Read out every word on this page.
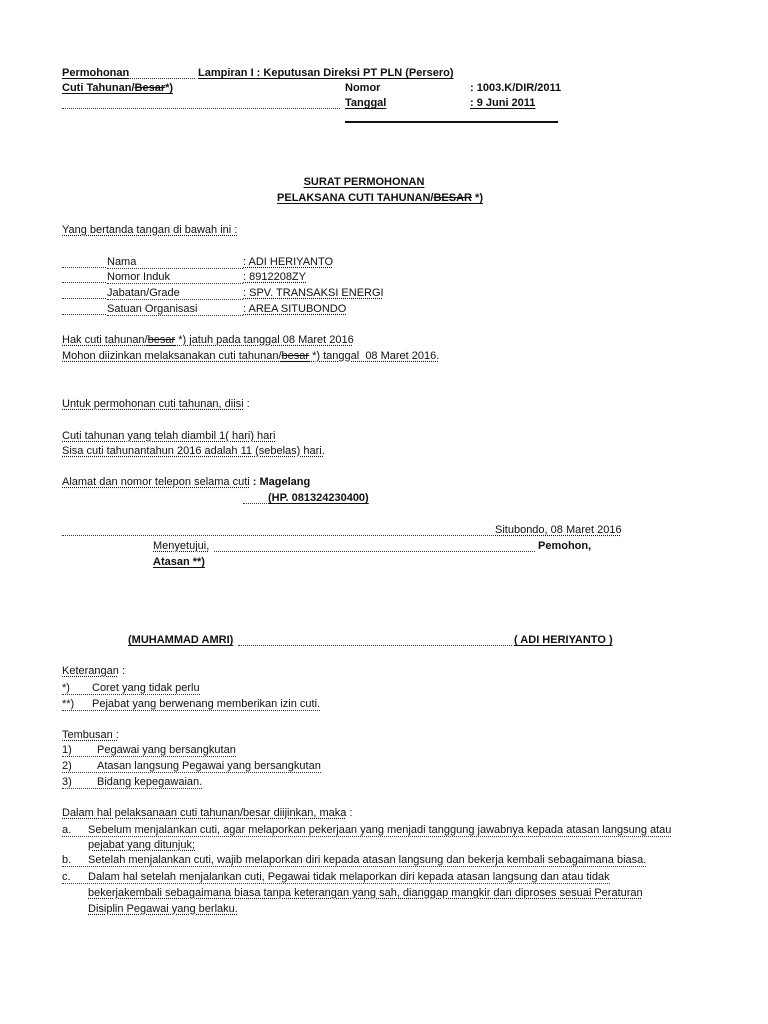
Permohonan	Lampiran I : Keputusan Direksi PT PLN (Persero)
Cuti Tahunan/Besar*)	Nomor	: 1003.K/DIR/2011
Tanggal	: 9 Juni 2011
SURAT PERMOHONAN
PELAKSANA CUTI TAHUNAN/BESAR *)
Yang bertanda tangan di bawah ini :
Nama	: ADI HERIYANTO
Nomor Induk	: 8912208ZY
Jabatan/Grade	: SPV. TRANSAKSI ENERGI
Satuan Organisasi	: AREA SITUBONDO
Hak cuti tahunan/besar *) jatuh pada tanggal 08 Maret 2016
Mohon diizinkan melaksanakan cuti tahunan/besar *) tanggal  08 Maret 2016.
Untuk permohonan cuti tahunan, diisi :
Cuti tahunan yang telah diambil 1( hari) hari
Sisa cuti tahunantahun 2016 adalah 11 (sebelas) hari.
Alamat dan nomor telepon selama cuti : Magelang
(HP. 081324230400)
Situbondo, 08 Maret 2016
Menyetujui,	Pemohon,
Atasan **)
(MUHAMMAD AMRI)	( ADI HERIYANTO )
Keterangan :
*) Coret yang tidak perlu
**) Pejabat yang berwenang memberikan izin cuti.
Tembusan :
1) Pegawai yang bersangkutan
2) Atasan langsung Pegawai yang bersangkutan
3) Bidang kepegawaian.
Dalam hal pelaksanaan cuti tahunan/besar diijinkan, maka :
a. Sebelum menjalankan cuti, agar melaporkan pekerjaan yang menjadi tanggung jawabnya kepada atasan langsung atau
pejabat yang ditunjuk;
b. Setelah menjalankan cuti, wajib melaporkan diri kepada atasan langsung dan bekerja kembali sebagaimana biasa.
c. Dalam hal setelah menjalankan cuti, Pegawai tidak melaporkan diri kepada atasan langsung dan atau tidak
bekerjakembali sebagaimana biasa tanpa keterangan yang sah, dianggap mangkir dan diproses sesuai Peraturan
Disiplin Pegawai yang berlaku.
